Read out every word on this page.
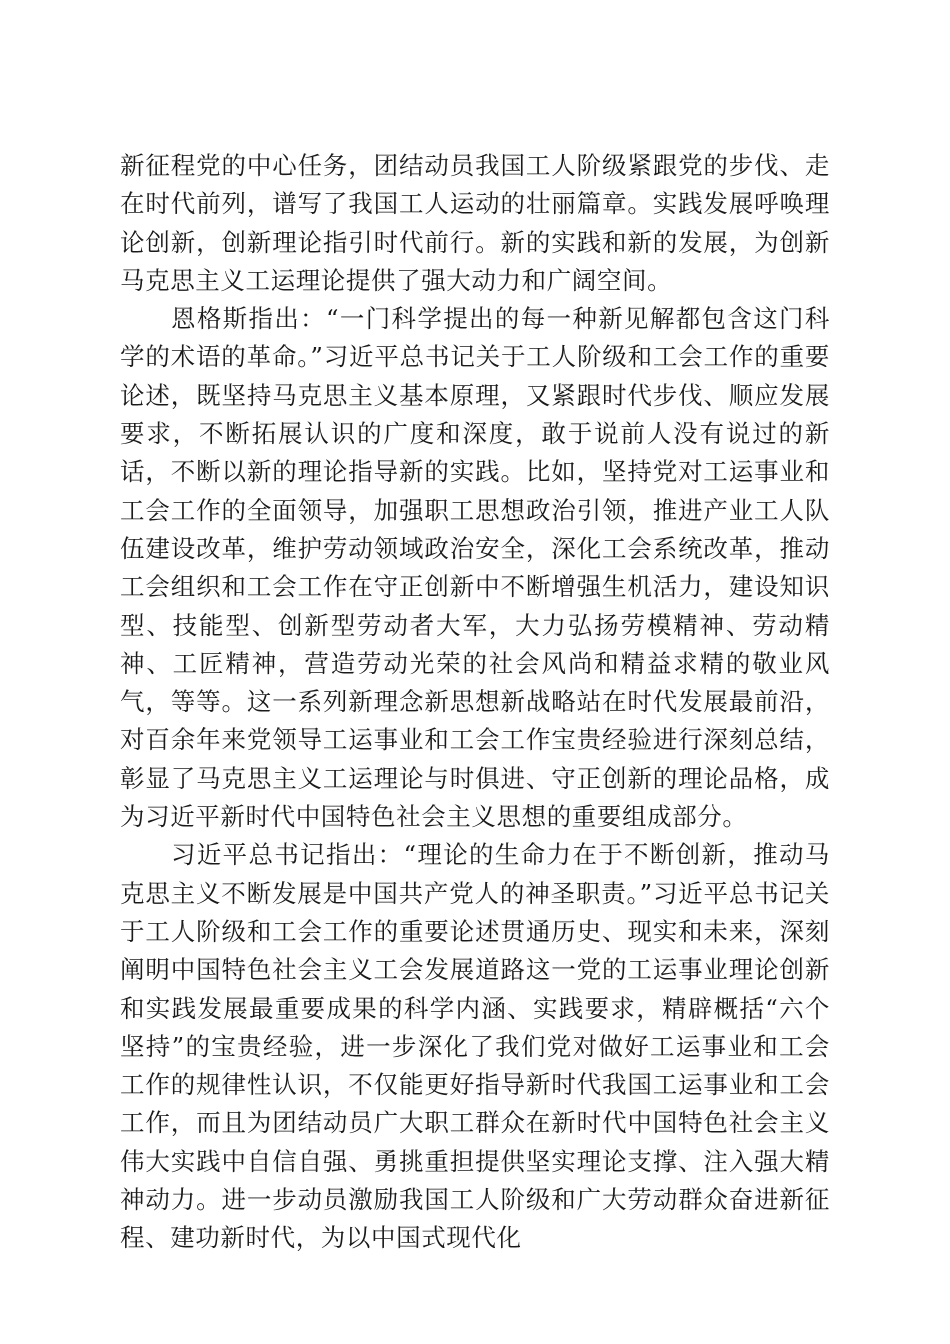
新征程党的中心任务，团结动员我国工人阶级紧跟党的步伐、走在时代前列，谱写了我国工人运动的壮丽篇章。实践发展呼唤理论创新，创新理论指引时代前行。新的实践和新的发展，为创新马克思主义工运理论提供了强大动力和广阔空间。

恩格斯指出：“一门科学提出的每一种新见解都包含这门科学的术语的革命。”习近平总书记关于工人阶级和工会工作的重要论述，既坚持马克思主义基本原理，又紧跟时代步伐、顺应发展要求，不断拓展认识的广度和深度，敢于说前人没有说过的新话，不断以新的理论指导新的实践。比如，坚持党对工运事业和工会工作的全面领导，加强职工思想政治引领，推进产业工人队伍建设改革，维护劳动领域政治安全，深化工会系统改革，推动工会组织和工会工作在守正创新中不断增强生机活力，建设知识型、技能型、创新型劳动者大军，大力弘扬劳模精神、劳动精神、工匠精神，营造劳动光荣的社会风尚和精益求精的敬业风气，等等。这一系列新理念新思想新战略站在时代发展最前沿，对百余年来党领导工运事业和工会工作宝贵经验进行深刻总结，彰显了马克思主义工运理论与时俱进、守正创新的理论品格，成为习近平新时代中国特色社会主义思想的重要组成部分。

习近平总书记指出：“理论的生命力在于不断创新，推动马克思主义不断发展是中国共产党人的神圣职责。”习近平总书记关于工人阶级和工会工作的重要论述贯通历史、现实和未来，深刻阐明中国特色社会主义工会发展道路这一党的工运事业理论创新和实践发展最重要成果的科学内涵、实践要求，精辟概括“六个坚持”的宝贵经验，进一步深化了我们党对做好工运事业和工会工作的规律性认识，不仅能更好指导新时代我国工运事业和工会工作，而且为团结动员广大职工群众在新时代中国特色社会主义伟大实践中自信自强、勇挑重担提供坚实理论支撑、注入强大精神动力。进一步动员激励我国工人阶级和广大劳动群众奋进新征程、建功新时代，为以中国式现代化
